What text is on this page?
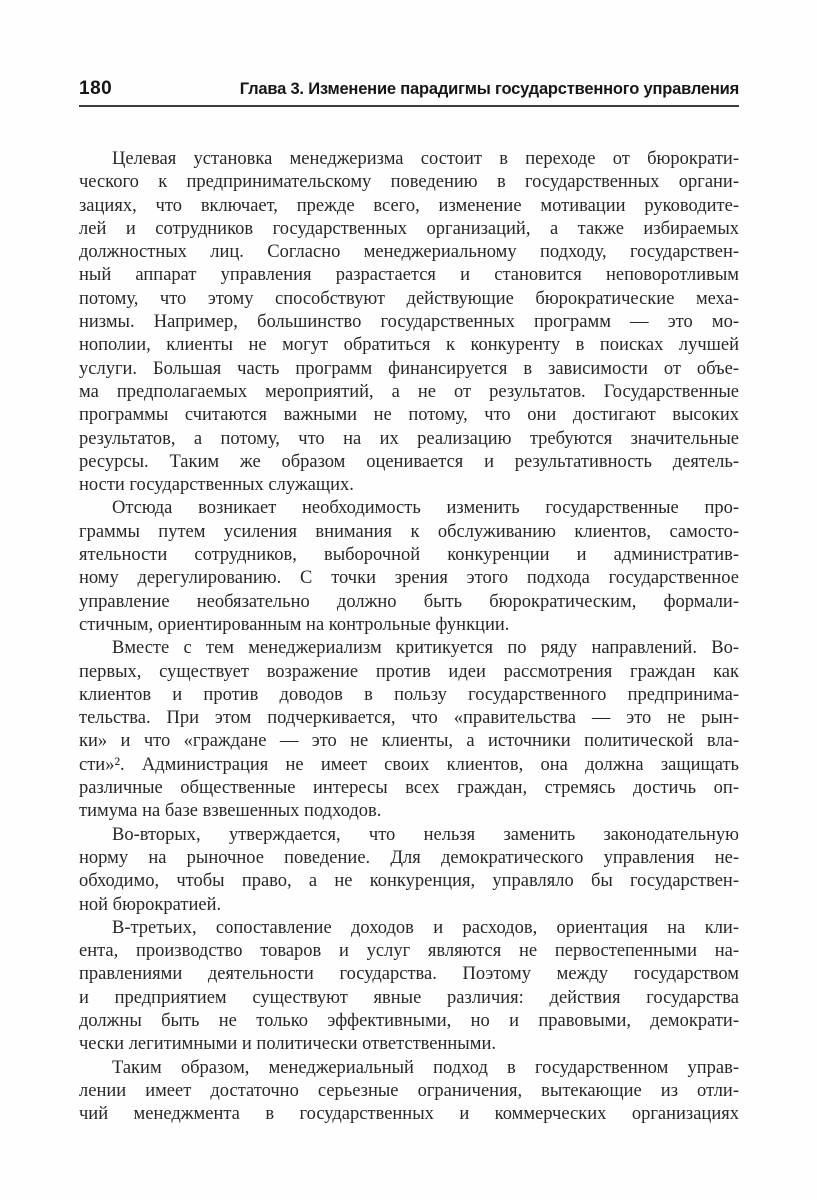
180	Глава 3. Изменение парадигмы государственного управления
Целевая установка менеджеризма состоит в переходе от бюрократи-
ческого к предпринимательскому поведению в государственных органи-
зациях, что включает, прежде всего, изменение мотивации руководите-
лей и сотрудников государственных организаций, а также избираемых
должностных лиц. Согласно менеджериальному подходу, государствен-
ный аппарат управления разрастается и становится неповоротливым
потому, что этому способствуют действующие бюрократические меха-
низмы. Например, большинство государственных программ — это мо-
нополии, клиенты не могут обратиться к конкуренту в поисках лучшей
услуги. Большая часть программ финансируется в зависимости от объе-
ма предполагаемых мероприятий, а не от результатов. Государственные
программы считаются важными не потому, что они достигают высоких
результатов, а потому, что на их реализацию требуются значительные
ресурсы. Таким же образом оценивается и результативность деятель-
ности государственных служащих.
Отсюда возникает необходимость изменить государственные про-
граммы путем усиления внимания к обслуживанию клиентов, самосто-
ятельности сотрудников, выборочной конкуренции и административ-
ному дерегулированию. С точки зрения этого подхода государственное
управление необязательно должно быть бюрократическим, формали-
стичным, ориентированным на контрольные функции.
Вместе с тем менеджериализм критикуется по ряду направлений. Во-
первых, существует возражение против идеи рассмотрения граждан как
клиентов и против доводов в пользу государственного предпринима-
тельства. При этом подчеркивается, что «правительства — это не рын-
ки» и что «граждане — это не клиенты, а источники политической вла-
сти»². Администрация не имеет своих клиентов, она должна защищать
различные общественные интересы всех граждан, стремясь достичь оп-
тимума на базе взвешенных подходов.
Во-вторых, утверждается, что нельзя заменить законодательную
норму на рыночное поведение. Для демократического управления не-
обходимо, чтобы право, а не конкуренция, управляло бы государствен-
ной бюрократией.
В-третьих, сопоставление доходов и расходов, ориентация на кли-
ента, производство товаров и услуг являются не первостепенными на-
правлениями деятельности государства. Поэтому между государством
и предприятием существуют явные различия: действия государства
должны быть не только эффективными, но и правовыми, демократи-
чески легитимными и политически ответственными.
Таким образом, менеджериальный подход в государственном управ-
лении имеет достаточно серьезные ограничения, вытекающие из отли-
чий менеджмента в государственных и коммерческих организациях
